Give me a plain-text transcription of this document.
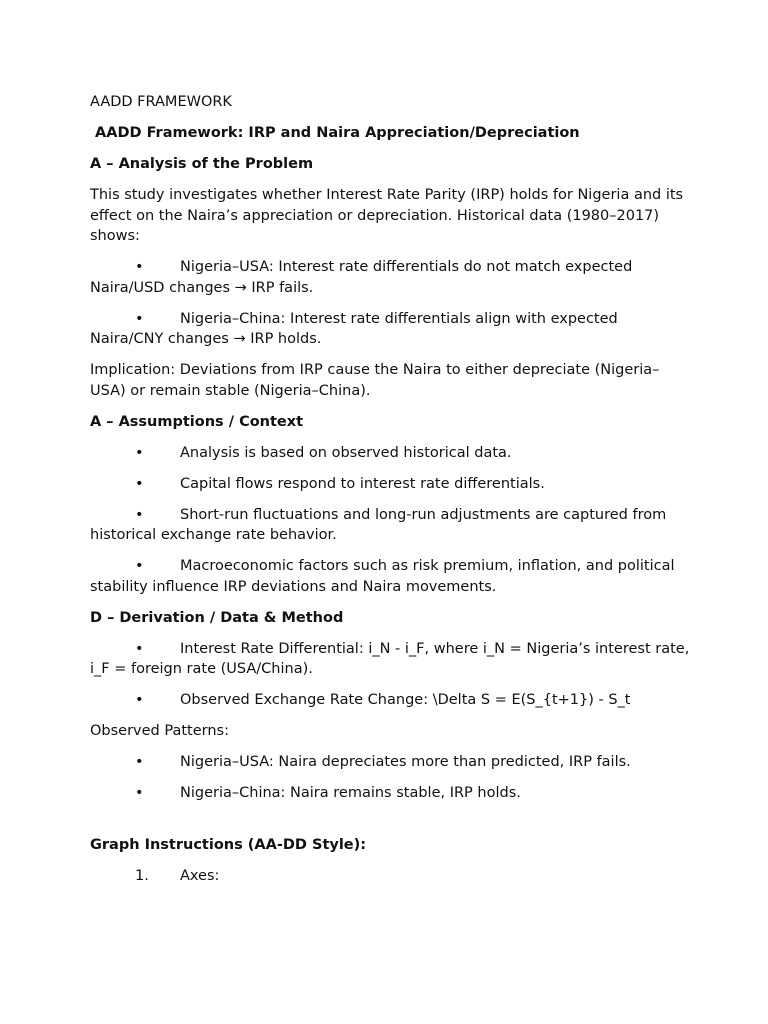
AADD FRAMEWORK

AADD Framework: IRP and Naira Appreciation/Depreciation

A – Analysis of the Problem

This study investigates whether Interest Rate Parity (IRP) holds for Nigeria and its effect on the Naira’s appreciation or depreciation. Historical data (1980–2017) shows:

•	Nigeria–USA: Interest rate differentials do not match expected Naira/USD changes → IRP fails.

•	Nigeria–China: Interest rate differentials align with expected Naira/CNY changes → IRP holds.

Implication: Deviations from IRP cause the Naira to either depreciate (Nigeria–USA) or remain stable (Nigeria–China).

A – Assumptions / Context

•	Analysis is based on observed historical data.

•	Capital flows respond to interest rate differentials.

•	Short-run fluctuations and long-run adjustments are captured from historical exchange rate behavior.

•	Macroeconomic factors such as risk premium, inflation, and political stability influence IRP deviations and Naira movements.

D – Derivation / Data & Method

•	Interest Rate Differential: i_N - i_F, where i_N = Nigeria’s interest rate, i_F = foreign rate (USA/China).

•	Observed Exchange Rate Change: \Delta S = E(S_{t+1}) - S_t

Observed Patterns:

•	Nigeria–USA: Naira depreciates more than predicted, IRP fails.

•	Nigeria–China: Naira remains stable, IRP holds.

Graph Instructions (AA-DD Style):

1. Axes:
